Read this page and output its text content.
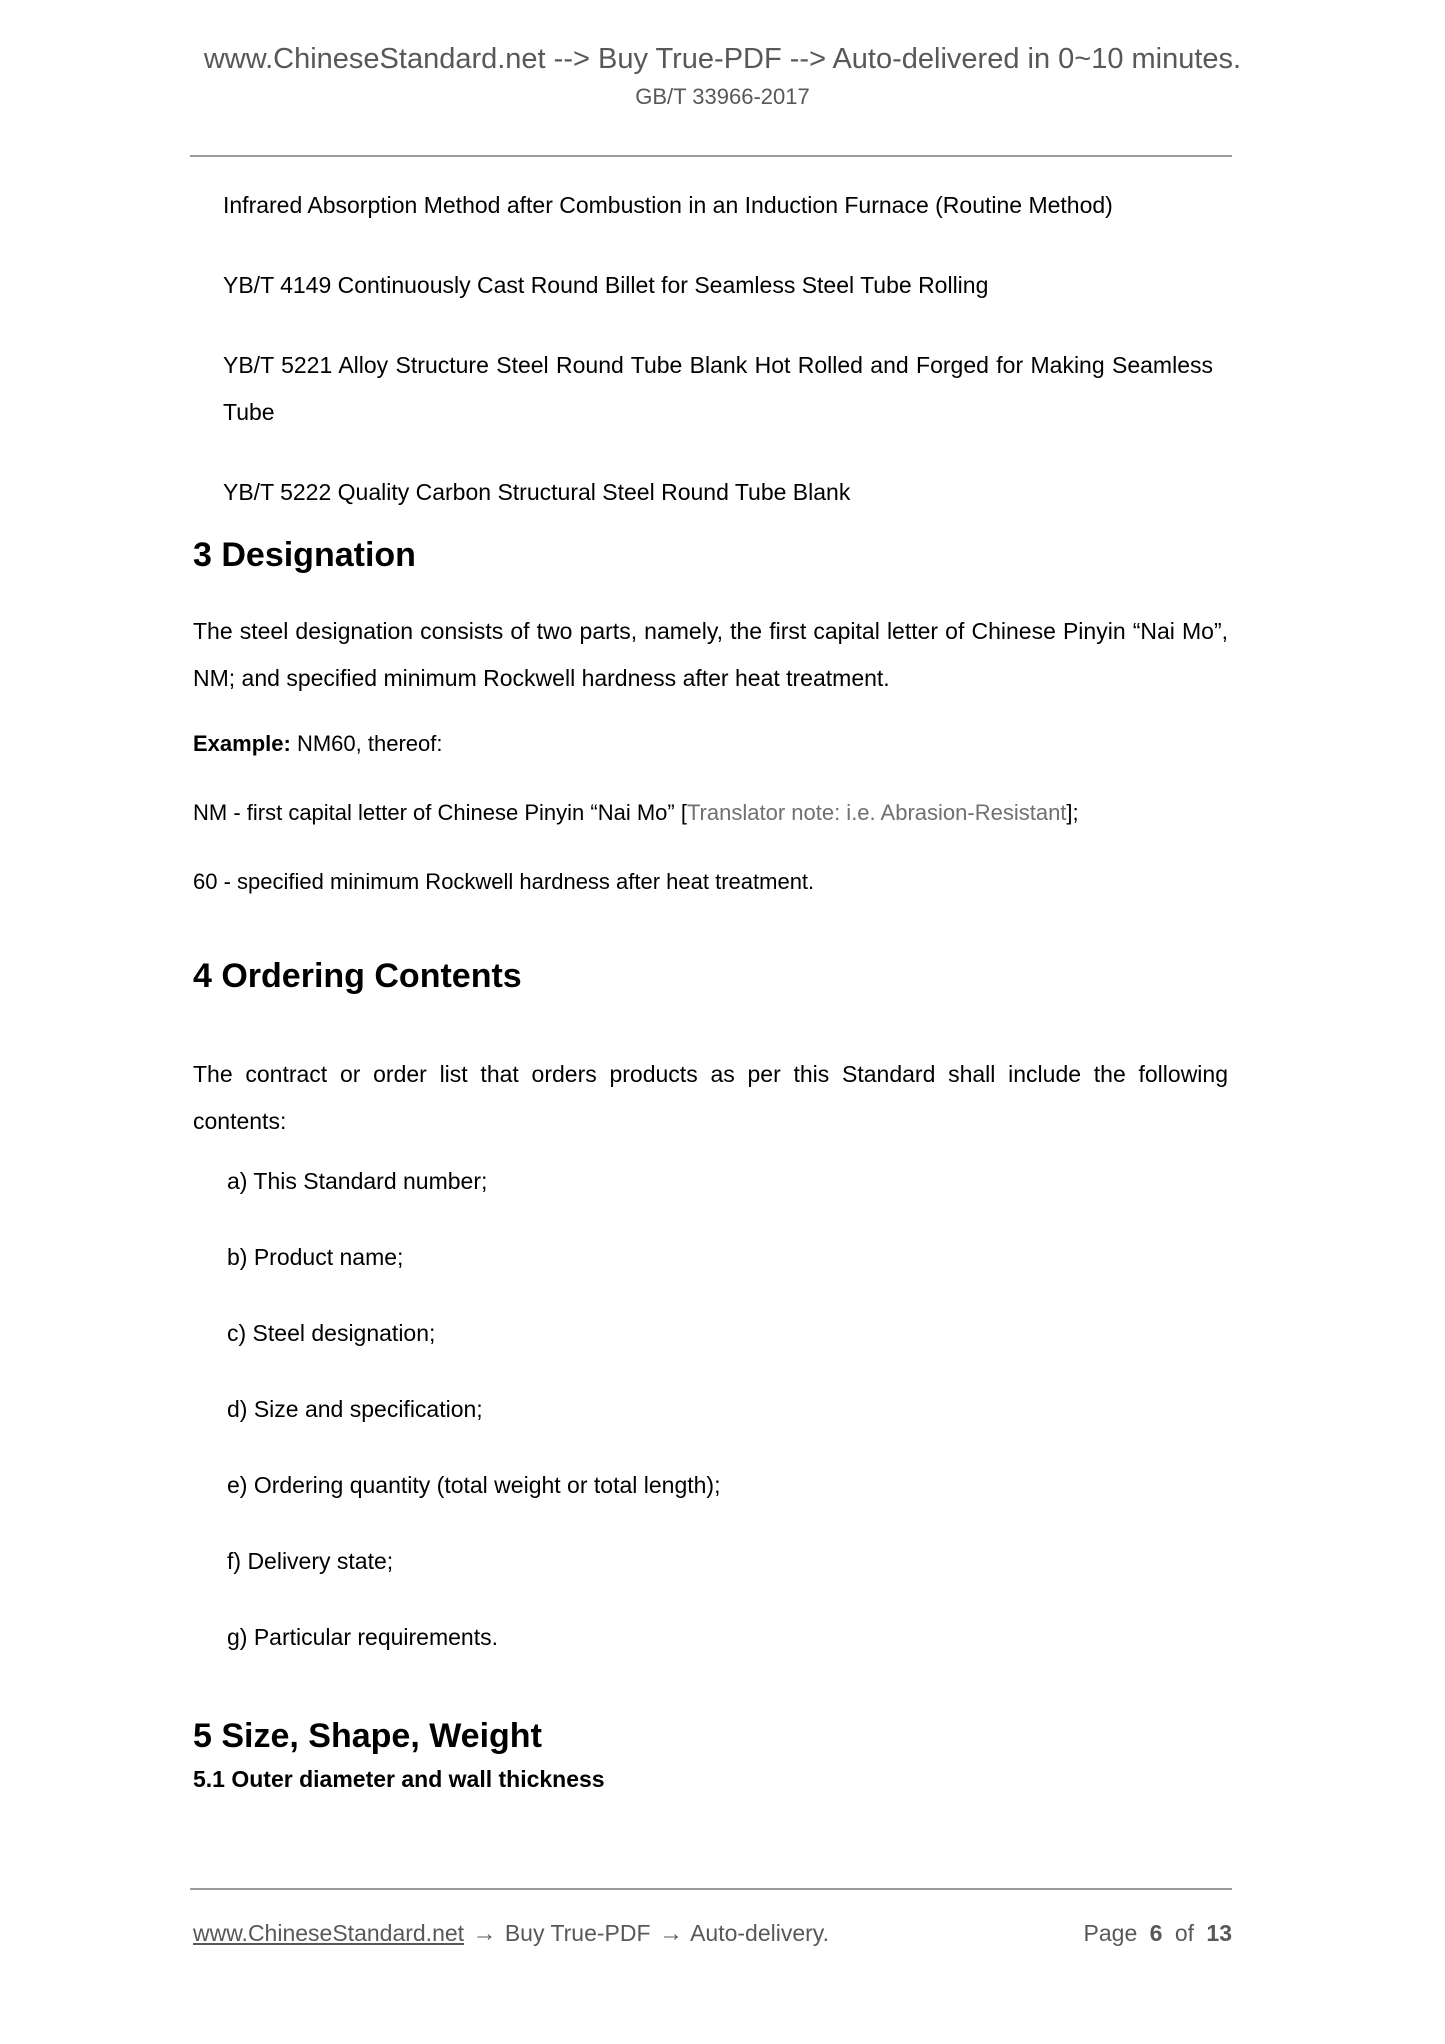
www.ChineseStandard.net --> Buy True-PDF --> Auto-delivered in 0~10 minutes.
GB/T 33966-2017

Infrared Absorption Method after Combustion in an Induction Furnace (Routine Method)

YB/T 4149 Continuously Cast Round Billet for Seamless Steel Tube Rolling

YB/T 5221 Alloy Structure Steel Round Tube Blank Hot Rolled and Forged for Making Seamless Tube

YB/T 5222 Quality Carbon Structural Steel Round Tube Blank

3 Designation

The steel designation consists of two parts, namely, the first capital letter of Chinese Pinyin “Nai Mo”, NM; and specified minimum Rockwell hardness after heat treatment.

Example: NM60, thereof:

NM - first capital letter of Chinese Pinyin “Nai Mo” [Translator note: i.e. Abrasion-Resistant];

60 - specified minimum Rockwell hardness after heat treatment.

4 Ordering Contents

The contract or order list that orders products as per this Standard shall include the following contents:

a) This Standard number;

b) Product name;

c) Steel designation;

d) Size and specification;

e) Ordering quantity (total weight or total length);

f) Delivery state;

g) Particular requirements.

5 Size, Shape, Weight
5.1 Outer diameter and wall thickness
www.ChineseStandard.net → Buy True-PDF → Auto-delivery.	Page 6 of 13
